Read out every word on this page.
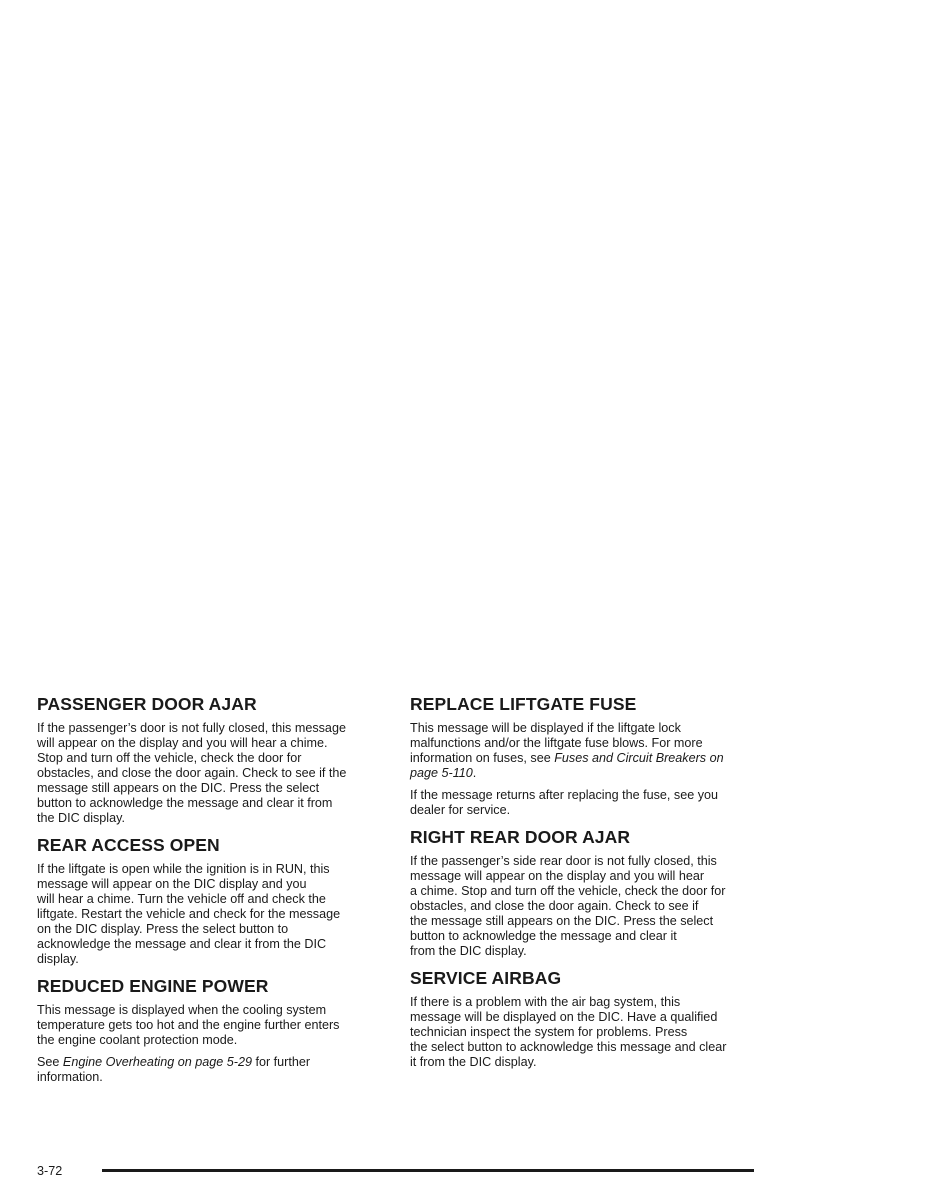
PASSENGER DOOR AJAR

If the passenger’s door is not fully closed, this message
will appear on the display and you will hear a chime.
Stop and turn off the vehicle, check the door for
obstacles, and close the door again. Check to see if the
message still appears on the DIC. Press the select
button to acknowledge the message and clear it from
the DIC display.

REAR ACCESS OPEN

If the liftgate is open while the ignition is in RUN, this
message will appear on the DIC display and you
will hear a chime. Turn the vehicle off and check the
liftgate. Restart the vehicle and check for the message
on the DIC display. Press the select button to
acknowledge the message and clear it from the DIC
display.

REDUCED ENGINE POWER

This message is displayed when the cooling system
temperature gets too hot and the engine further enters
the engine coolant protection mode.

See Engine Overheating on page 5-29 for further
information.

REPLACE LIFTGATE FUSE

This message will be displayed if the liftgate lock
malfunctions and/or the liftgate fuse blows. For more
information on fuses, see Fuses and Circuit Breakers on
page 5-110.

If the message returns after replacing the fuse, see you
dealer for service.

RIGHT REAR DOOR AJAR

If the passenger’s side rear door is not fully closed, this
message will appear on the display and you will hear
a chime. Stop and turn off the vehicle, check the door for
obstacles, and close the door again. Check to see if
the message still appears on the DIC. Press the select
button to acknowledge the message and clear it
from the DIC display.

SERVICE AIRBAG

If there is a problem with the air bag system, this
message will be displayed on the DIC. Have a qualified
technician inspect the system for problems. Press
the select button to acknowledge this message and clear
it from the DIC display.

3-72
